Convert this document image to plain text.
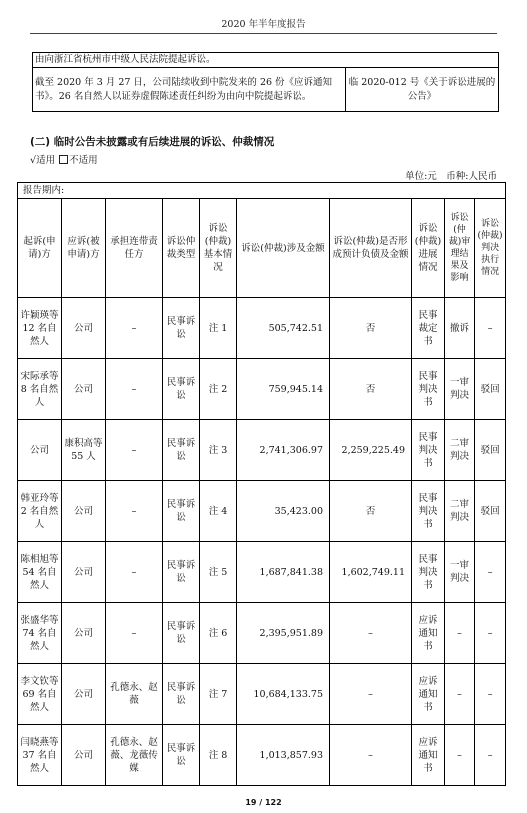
2020 年半年度报告
由向浙江省杭州市中级人民法院提起诉讼。
截至 2020 年 3 月 27 日，公司陆续收到中院发来的 26 份《应诉通知书》。26 名自然人以证券虚假陈述责任纠纷为由向中院提起诉讼。	临 2020-012 号《关于诉讼进展的公告》
(二) 临时公告未披露或有后续进展的诉讼、仲裁情况
√适用 不适用
单位:元　币种:人民币
报告期内:									
起诉(申请)方	应诉(被申请)方	承担连带责任方	诉讼仲裁类型	诉讼(仲裁)基本情况	诉讼(仲裁)涉及金额	诉讼(仲裁)是否形成预计负债及金额	诉讼(仲裁)进展情况	诉讼(仲裁)审理结果及影响	诉讼(仲裁)判决执行情况
许颖瑛等 12 名自然人	公司	–	民事诉讼	注 1	505,742.51	否	民事裁定书	撤诉	–
宋际承等 8 名自然人	公司	–	民事诉讼	注 2	759,945.14	否	民事判决书	一审判决	驳回
公司	康积高等 55 人	–	民事诉讼	注 3	2,741,306.97	2,259,225.49	民事判决书	二审判决	驳回
韩亚玲等 2 名自然人	公司	–	民事诉讼	注 4	35,423.00	否	民事判决书	二审判决	驳回
陈相旭等 54 名自然人	公司	–	民事诉讼	注 5	1,687,841.38	1,602,749.11	民事判决书	一审判决	–
张盛华等 74 名自然人	公司	–	民事诉讼	注 6	2,395,951.89	–	应诉通知书	–	–
李文钦等 69 名自然人	公司	孔德永、赵薇	民事诉讼	注 7	10,684,133.75	–	应诉通知书	–	–
闫晓燕等 37 名自然人	公司	孔德永、赵薇、龙薇传媒	民事诉讼	注 8	1,013,857.93	–	应诉通知书	–	–
19 / 122
